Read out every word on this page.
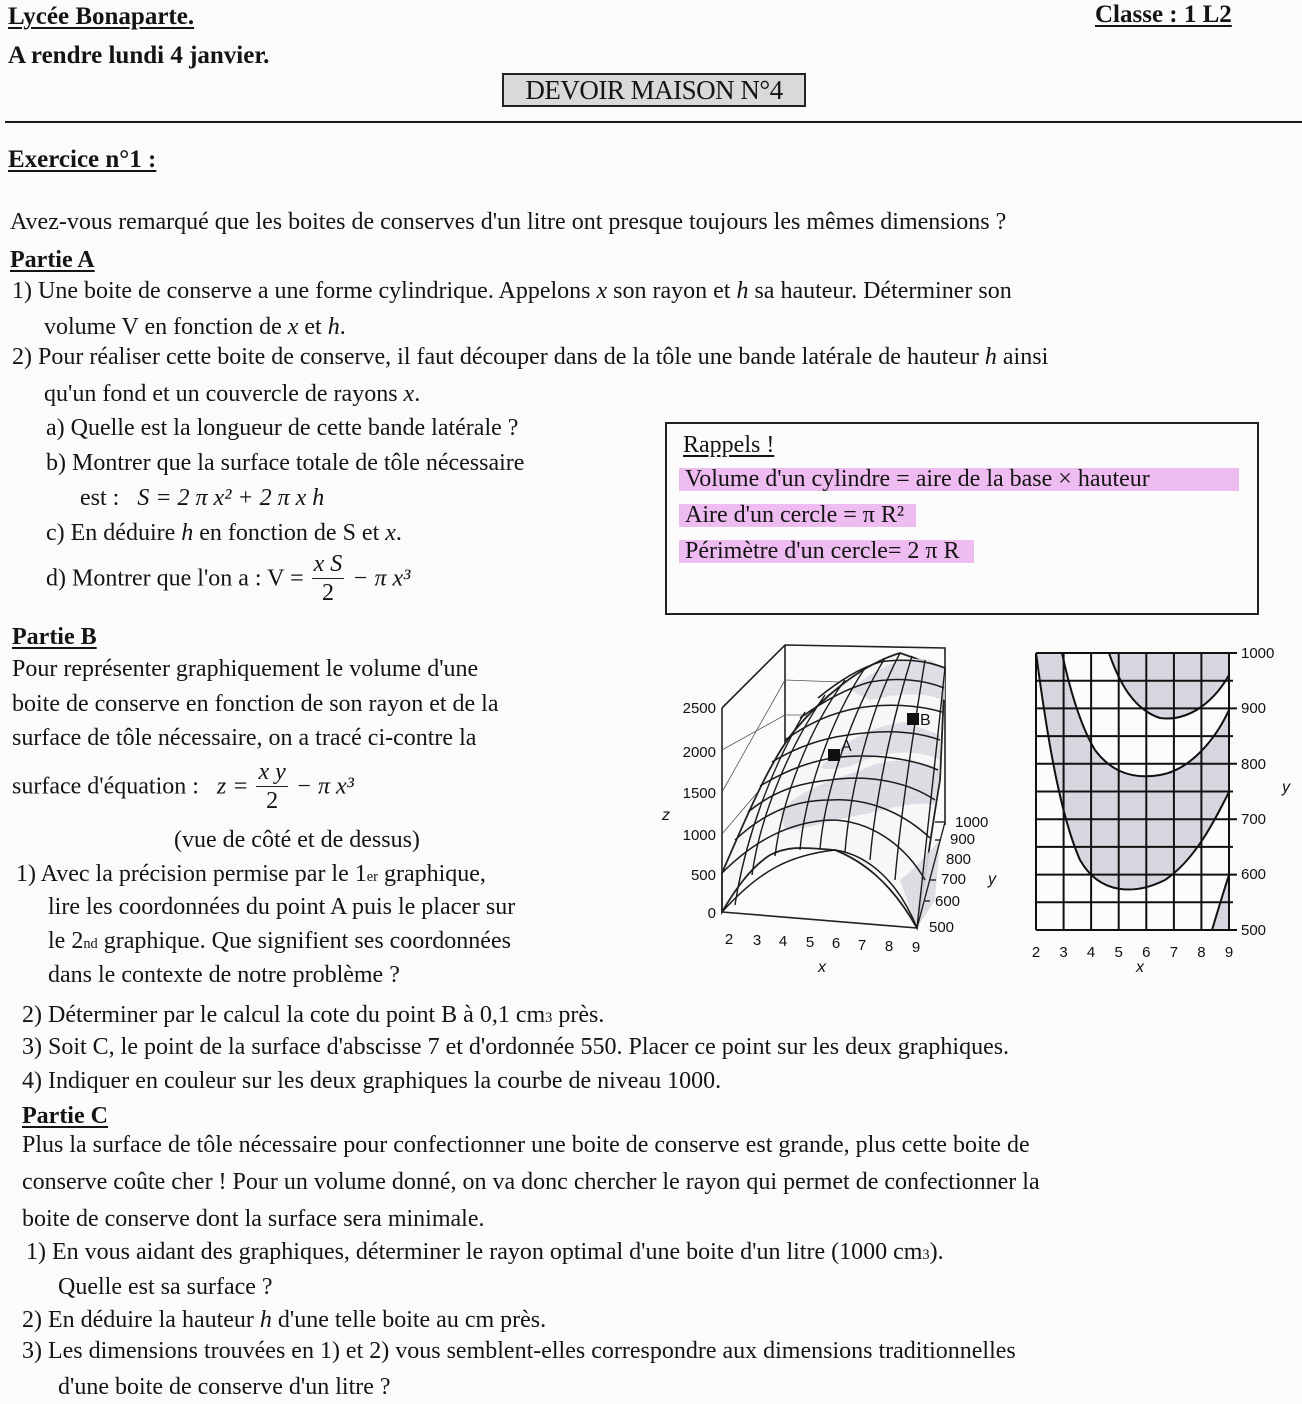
Lycée Bonaparte.	Classe : 1 L2
A rendre lundi 4 janvier.
DEVOIR MAISON N°4
Exercice n°1 :
Avez-vous remarqué que les boites de conserves d'un litre ont presque toujours les mêmes dimensions ?
Partie A
1) Une boite de conserve a une forme cylindrique. Appelons x son rayon et h sa hauteur. Déterminer son
volume V en fonction de x et h.
2) Pour réaliser cette boite de conserve, il faut découper dans de la tôle une bande latérale de hauteur h ainsi
qu'un fond et un couvercle de rayons x.
a) Quelle est la longueur de cette bande latérale ?
b) Montrer que la surface totale de tôle nécessaire
est : S = 2 π x² + 2 π x h
c) En déduire h en fonction de S et x.
d) Montrer que l'on a : $V = \frac{\text{x S}}{2} - \pi$ x³
Rappels !
Volume d'un cylindre = aire de la base × hauteur
Aire d'un cercle = π R²
Périmètre d'un cercle= 2 π R
Partie B
Pour représenter graphiquement le volume d'une
boite de conserve en fonction de son rayon et de la
surface de tôle nécessaire, on a tracé ci-contre la
surface d'équation : $z = \frac{\text{x y}}{2} - \pi$ x³
(vue de côté et de dessus)
1) Avec la précision permise par le 1er graphique,
lire les coordonnées du point A puis le placer sur
le 2nd graphique. Que signifient ses coordonnées
dans le contexte de notre problème ?
2) Déterminer par le calcul la cote du point B à 0,1 $cm^3$ près.
3) Soit C, le point de la surface d'abscisse 7 et d'ordonnée 550. Placer ce point sur les deux graphiques.
4) Indiquer en couleur sur les deux graphiques la courbe de niveau 1000.
Partie C
Plus la surface de tôle nécessaire pour confectionner une boite de conserve est grande, plus cette boite de
conserve coûte cher ! Pour un volume donné, on va donc chercher le rayon qui permet de confectionner la
boite de conserve dont la surface sera minimale.
1) En vous aidant des graphiques, déterminer le rayon optimal d'une boite d'un litre (1000 $cm^3$).
Quelle est sa surface ?
2) En déduire la hauteur h d'une telle boite au cm près.
3) Les dimensions trouvées en 1) et 2) vous semblent-elles correspondre aux dimensions traditionnelles
d'une boite de conserve d'un litre ?
A
B
2500
2000
1500
1000
500
0
z
2 3 4 5 6 7 8 9
x
1000
900
800
700
600
500
y
1000
900
800
700
600
500
y
2 3 4 5 6 7 8 9
x
